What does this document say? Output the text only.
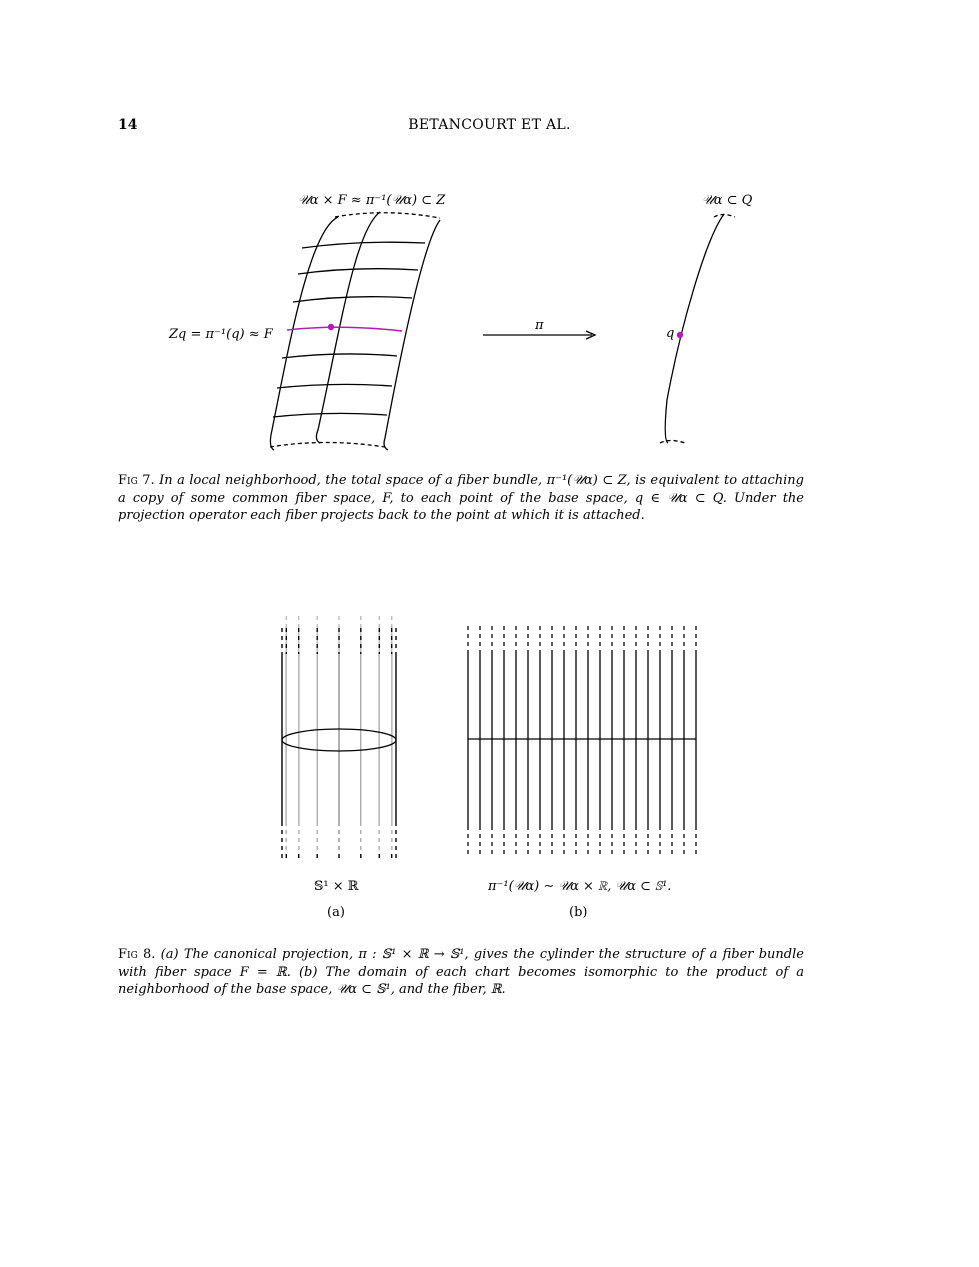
14	BETANCOURT ET AL.
𝒰α × F ≈ π⁻¹(𝒰α) ⊂ Z	𝒰α ⊂ Q
Zq = π⁻¹(q) ≈ F
π
q
Fig 7. In a local neighborhood, the total space of a fiber bundle, π⁻¹(𝒰α) ⊂ Z, is equivalent to attaching a copy of some common fiber space, F, to each point of the base space, q ∈ 𝒰α ⊂ Q. Under the projection operator each fiber projects back to the point at which it is attached.
𝕊¹ × ℝ	π⁻¹(𝒰α) ∼ 𝒰α × ℝ, 𝒰α ⊂ 𝕊¹.
(a)	(b)
Fig 8. (a) The canonical projection, π : 𝕊¹ × ℝ → 𝕊¹, gives the cylinder the structure of a fiber bundle with fiber space F = ℝ. (b) The domain of each chart becomes isomorphic to the product of a neighborhood of the base space, 𝒰α ⊂ 𝕊¹, and the fiber, ℝ.
